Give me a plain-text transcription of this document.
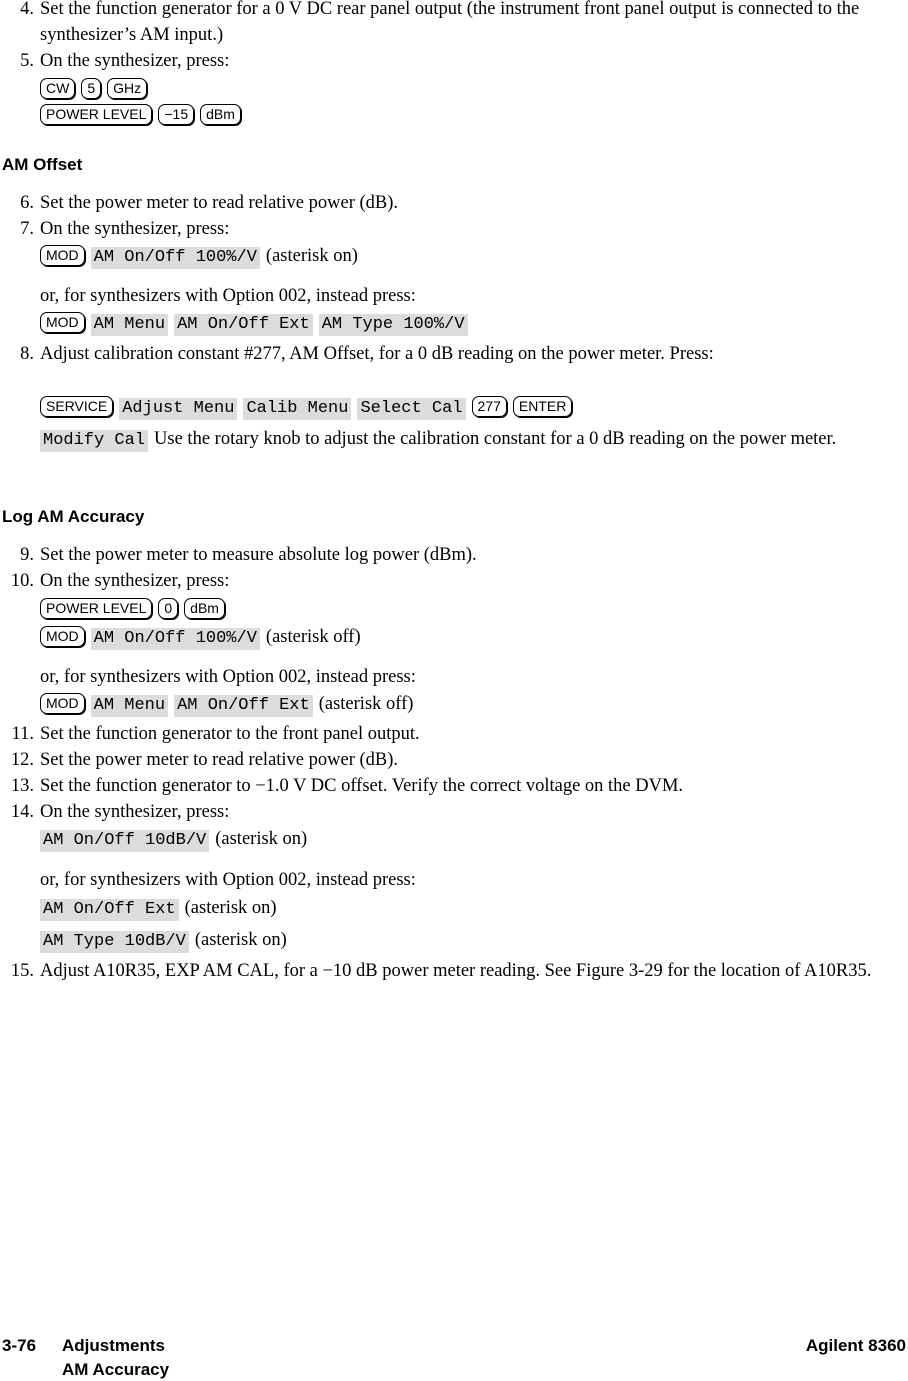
4. Set the function generator for a 0 V DC rear panel output (the instrument front panel output is connected to the synthesizer’s AM input.)
5. On the synthesizer, press:
CW 5 GHz
POWER LEVEL −15 dBm
AM Offset
6. Set the power meter to read relative power (dB).
7. On the synthesizer, press:
MOD AM On/Off 100%/V (asterisk on)
or, for synthesizers with Option 002, instead press:
MOD AM Menu AM On/Off Ext AM Type 100%/V
8. Adjust calibration constant #277, AM Offset, for a 0 dB reading on the power meter. Press:
SERVICE Adjust Menu Calib Menu Select Cal 277 ENTER
Modify Cal Use the rotary knob to adjust the calibration constant for a 0 dB reading on the power meter.
Log AM Accuracy
9. Set the power meter to measure absolute log power (dBm).
10. On the synthesizer, press:
POWER LEVEL 0 dBm
MOD AM On/Off 100%/V (asterisk off)
or, for synthesizers with Option 002, instead press:
MOD AM Menu AM On/Off Ext (asterisk off)
11. Set the function generator to the front panel output.
12. Set the power meter to read relative power (dB).
13. Set the function generator to −1.0 V DC offset. Verify the correct voltage on the DVM.
14. On the synthesizer, press:
AM On/Off 10dB/V (asterisk on)
or, for synthesizers with Option 002, instead press:
AM On/Off Ext (asterisk on)
AM Type 10dB/V (asterisk on)
15. Adjust A10R35, EXP AM CAL, for a −10 dB power meter reading. See Figure 3-29 for the location of A10R35.
3-76 Adjustments
AM Accuracy
Agilent 8360
